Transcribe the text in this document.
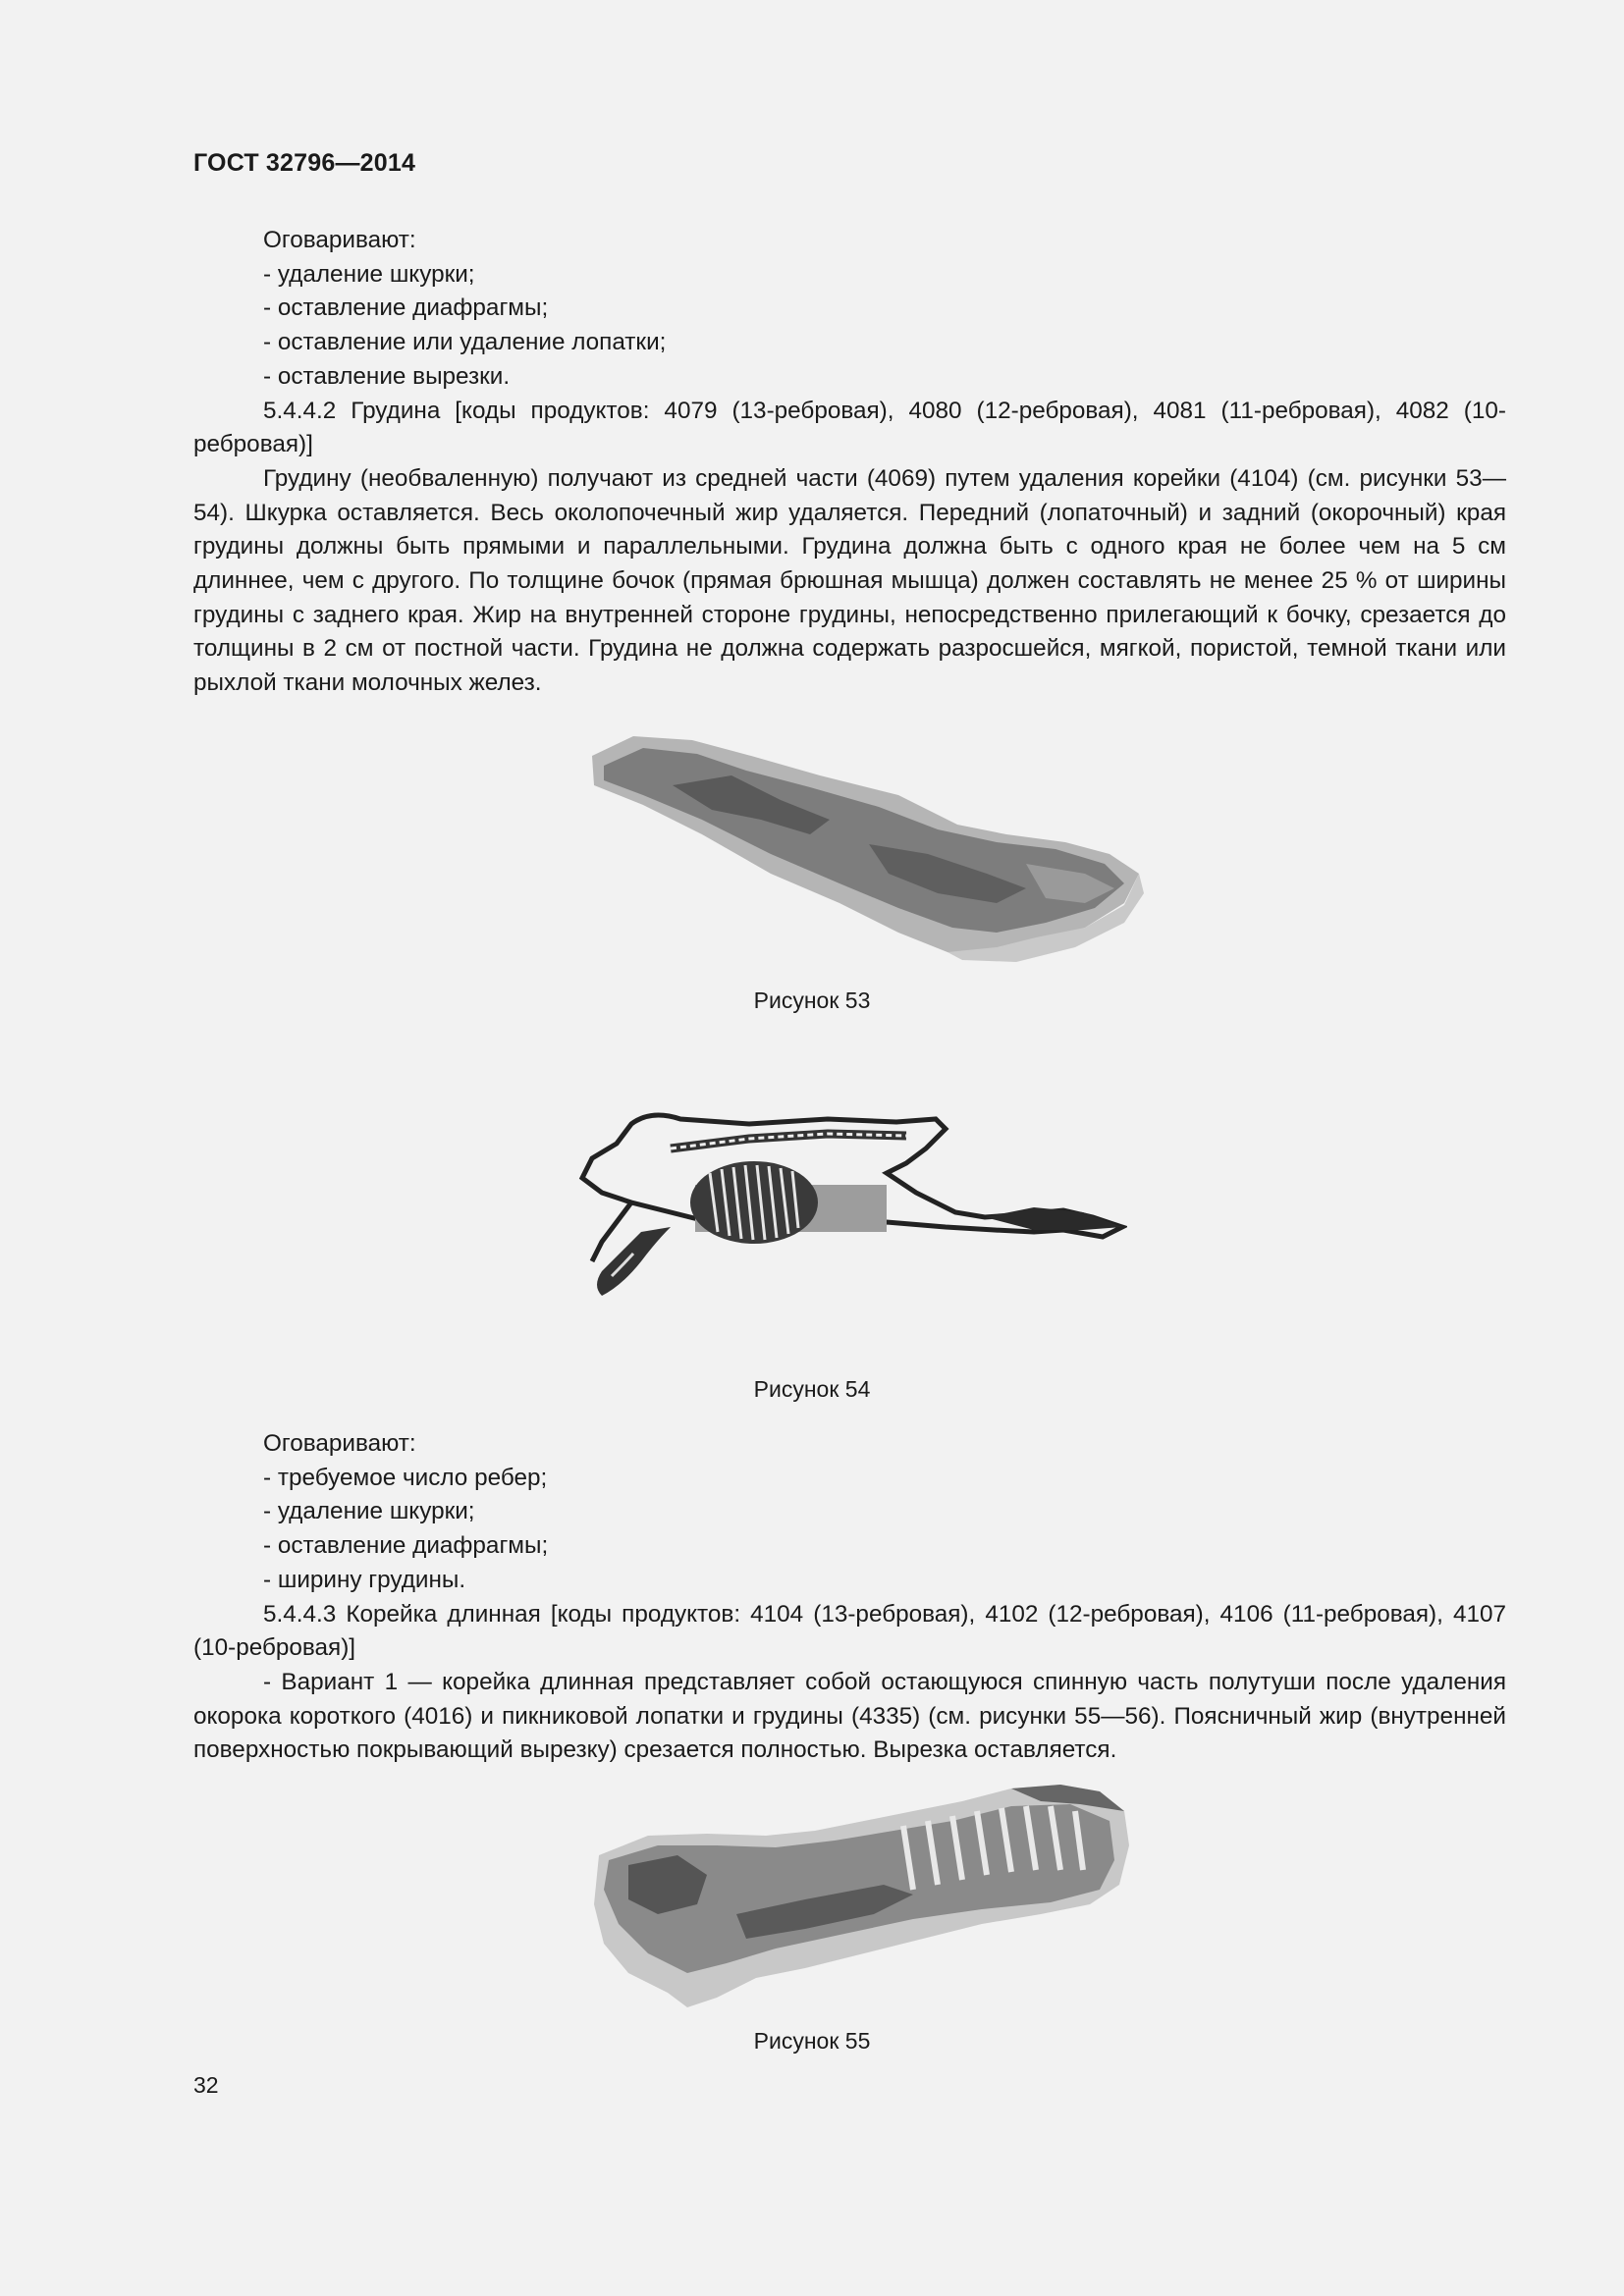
ГОСТ 32796—2014

Оговаривают:

- удаление шкурки;

- оставление диафрагмы;

- оставление или удаление лопатки;

- оставление вырезки.

5.4.4.2 Грудина [коды продуктов: 4079 (13-ребровая), 4080 (12-ребровая), 4081 (11-ребровая), 4082 (10-ребровая)]

Грудину (необваленную) получают из средней части (4069) путем удаления корейки (4104) (см. рисунки 53—54). Шкурка оставляется. Весь околопочечный жир удаляется. Передний (лопаточный) и задний (окорочный) края грудины должны быть прямыми и параллельными. Грудина должна быть с одного края не более чем на 5 см длиннее, чем с другого. По толщине бочок (прямая брюшная мышца) должен составлять не менее 25 % от ширины грудины с заднего края. Жир на внутренней стороне грудины, непосредственно прилегающий к бочку, срезается до толщины в 2 см от постной части. Грудина не должна содержать разросшейся, мягкой, пористой, темной ткани или рыхлой ткани молочных желез.

Рисунок 53
Рисунок 54

Оговаривают:

- требуемое число ребер;

- удаление шкурки;

- оставление диафрагмы;

- ширину грудины.

5.4.4.3 Корейка длинная [коды продуктов: 4104 (13-ребровая), 4102 (12-ребровая), 4106 (11-ребровая), 4107 (10-ребровая)]

- Вариант 1 — корейка длинная представляет собой остающуюся спинную часть полутуши после удаления окорока короткого (4016) и пикниковой лопатки и грудины (4335) (см. рисунки 55—56). Поясничный жир (внутренней поверхностью покрывающий вырезку) срезается полностью. Вырезка оставляется.

Рисунок 55
32
